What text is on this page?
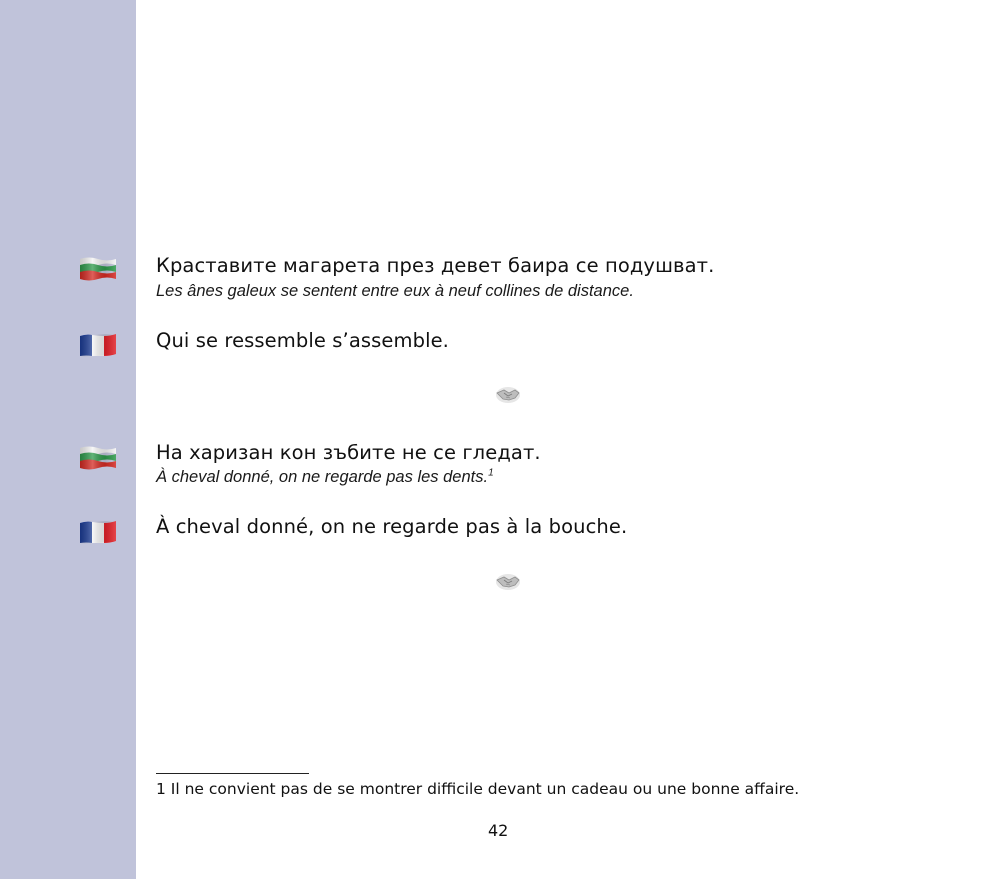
Краставите магарета през девет баира се подушват.
Les ânes galeux se sentent entre eux à neuf collines de distance.
Qui se ressemble s’assemble.
На харизан кон зъбите не се гледат.
À cheval donné, on ne regarde pas les dents.$^1$
À cheval donné, on ne regarde pas à la bouche.
1 Il ne convient pas de se montrer difficile devant un cadeau ou une bonne affaire.
42
